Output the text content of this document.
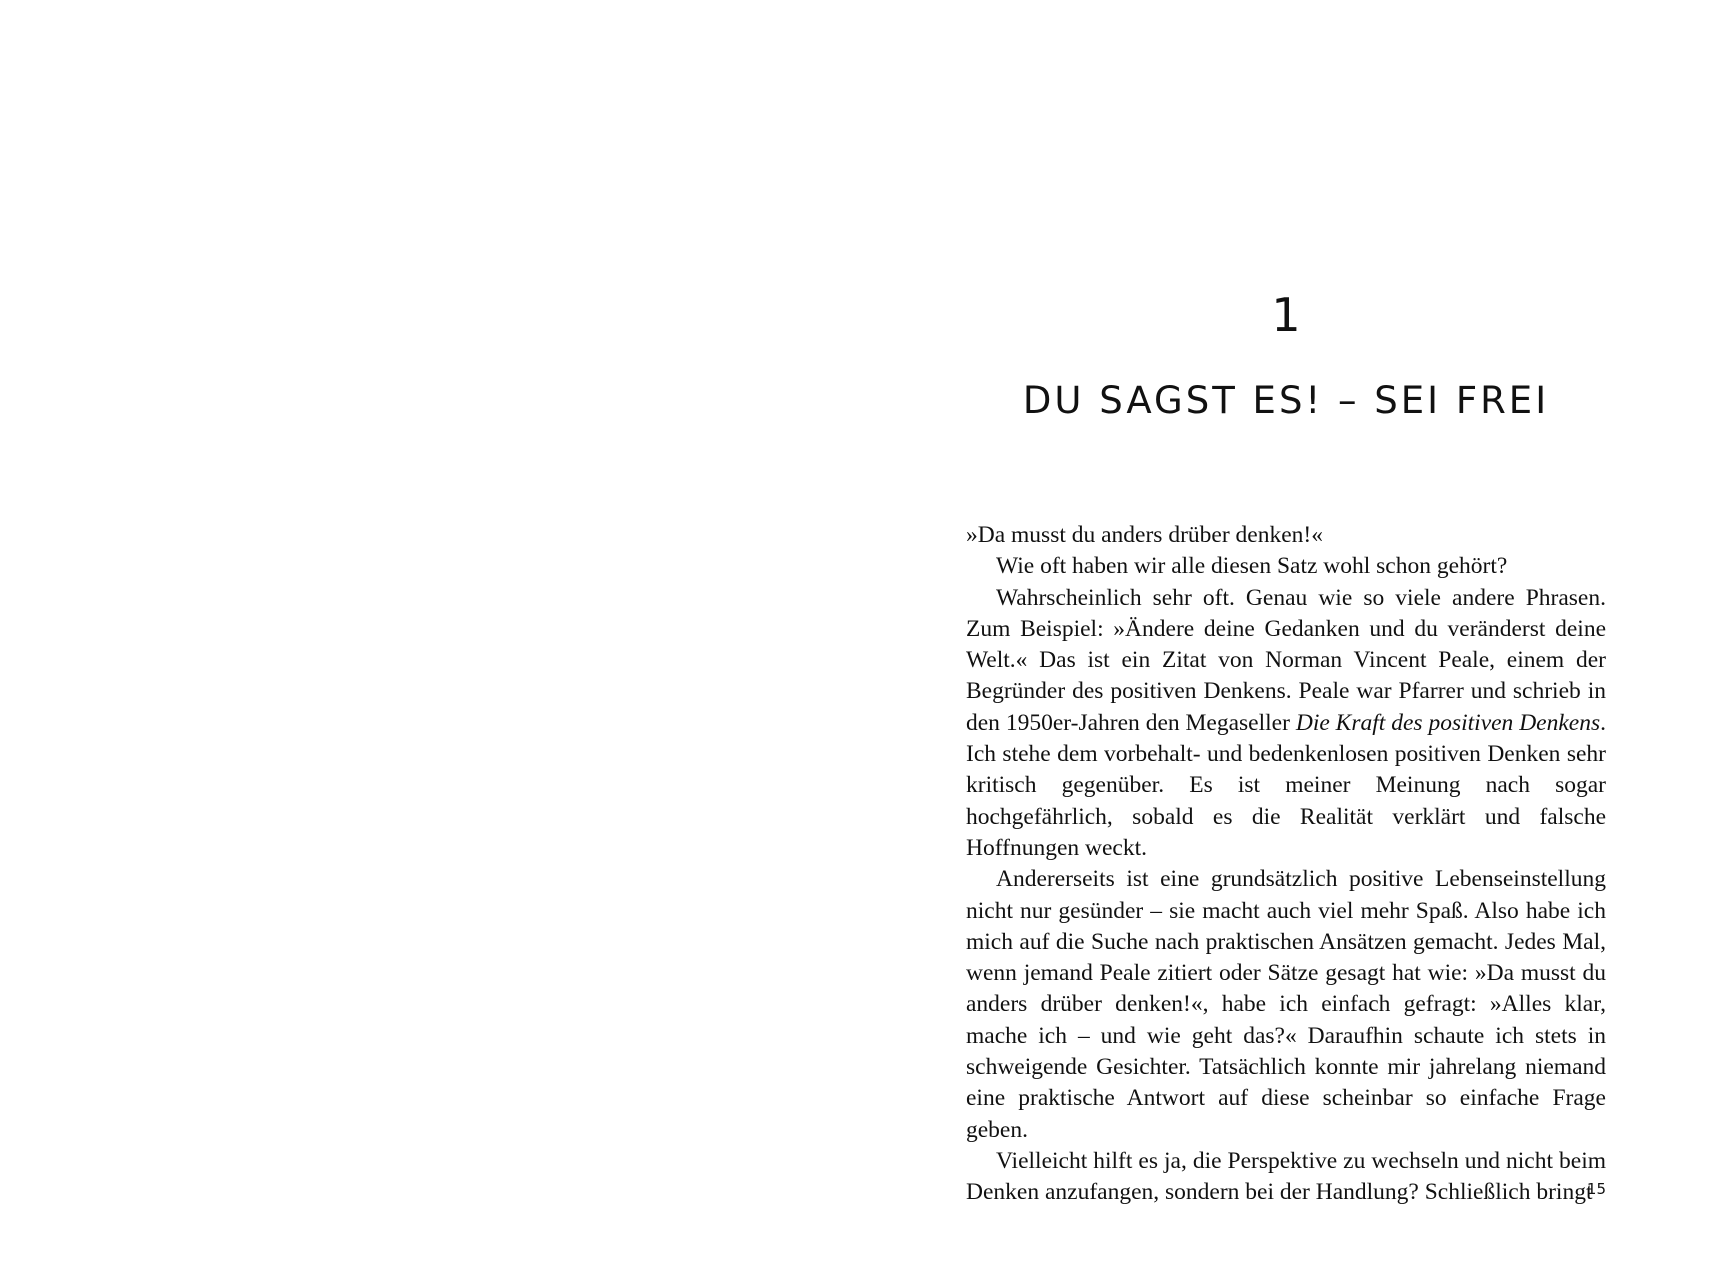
1
DU SAGST ES! – SEI FREI

»Da musst du anders drüber denken!«

Wie oft haben wir alle diesen Satz wohl schon gehört?

Wahrscheinlich sehr oft. Genau wie so viele andere Phrasen. Zum Beispiel: »Ändere deine Gedanken und du veränderst deine Welt.« Das ist ein Zitat von Norman Vincent Peale, einem der Begründer des positiven Denkens. Peale war Pfarrer und schrieb in den 1950er-Jahren den Megaseller Die Kraft des positiven Denkens. Ich stehe dem vorbehalt- und bedenkenlosen positiven Denken sehr kritisch gegenüber. Es ist meiner Meinung nach sogar hochgefährlich, sobald es die Realität verklärt und falsche Hoffnungen weckt.

Andererseits ist eine grundsätzlich positive Lebenseinstellung nicht nur gesünder – sie macht auch viel mehr Spaß. Also habe ich mich auf die Suche nach praktischen Ansätzen gemacht. Jedes Mal, wenn jemand Peale zitiert oder Sätze gesagt hat wie: »Da musst du anders drüber denken!«, habe ich einfach gefragt: »Alles klar, mache ich – und wie geht das?« Daraufhin schaute ich stets in schweigende Gesichter. Tatsächlich konnte mir jahrelang niemand eine praktische Antwort auf diese scheinbar so einfache Frage geben.

Vielleicht hilft es ja, die Perspektive zu wechseln und nicht beim Denken anzufangen, sondern bei der Handlung? Schließlich bringt

15
